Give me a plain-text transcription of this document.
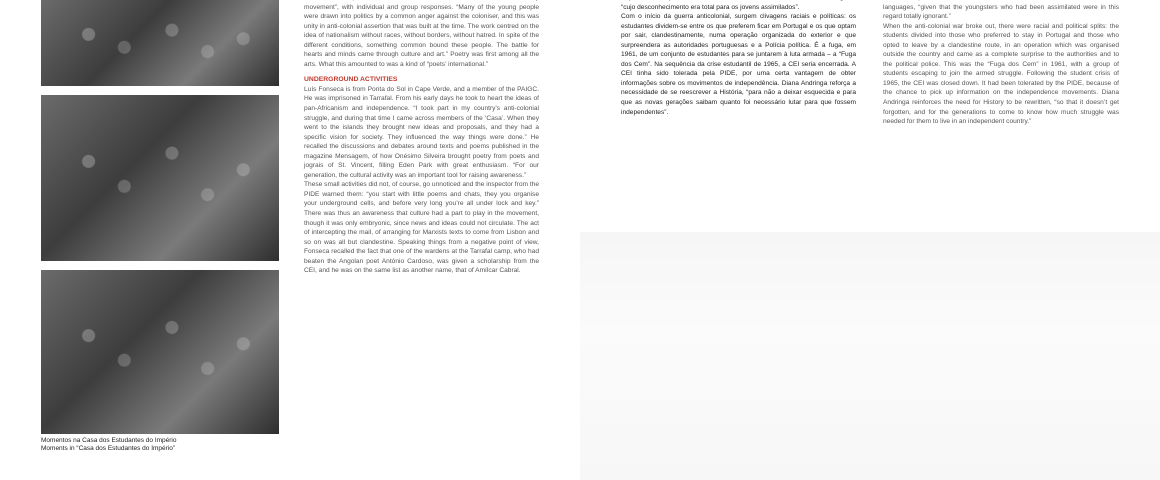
Momentos na Casa dos Estudantes do Império
Moments in “Casa dos Estudantes do Império”

movement”, with individual and group responses. “Many of the young people were drawn into politics by a common anger against the coloniser, and this was unity in anti-colonial assertion that was built at the time. The work centred on the idea of nationalism without races, without borders, without hatred. In spite of the different conditions, something common bound these people. The battle for hearts and minds came through culture and art.” Poetry was first among all the arts. What this amounted to was a kind of “poets’ international.”

UNDERGROUND ACTIVITIES

Luís Fonseca is from Ponta do Sol in Cape Verde, and a member of the PAIGC. He was imprisoned in Tarrafal. From his early days he took to heart the ideas of pan-Africanism and independence. “I took part in my country’s anti-colonial struggle, and during that time I came across members of the ‘Casa’. When they went to the islands they brought new ideas and proposals, and they had a specific vision for society. They influenced the way things were done.” He recalled the discussions and debates around texts and poems published in the magazine Mensagem, of how Onésimo Silveira brought poetry from poets and jograis of St. Vincent, filling Eden Park with great enthusiasm. “For our generation, the cultural activity was an important tool for raising awareness.”

These small activities did not, of course, go unnoticed and the inspector from the PIDE warned them: “you start with little poems and chats, they you organise your underground cells, and before very long you’re all under lock and key.” There was thus an awareness that culture had a part to play in the movement, though it was only embryonic, since news and ideas could not circulate. The act of intercepting the mail, of arranging for Marxists texts to come from Lisbon and so on was all but clandestine. Speaking things from a negative point of view, Fonseca recalled the fact that one of the wardens at the Tarrafal camp, who had beaten the Angolan poet António Cardoso, was given a scholarship from the CEI, and he was on the same list as another name, that of Amílcar Cabral.

“cujo desconhecimento era total para os jovens assimilados”.

Com o início da guerra anticolonial, surgem clivagens raciais e políticas: os estudantes dividem-se entre os que preferem ficar em Portugal e os que optam por sair, clandestinamente, numa operação organizada do exterior e que surpreendera as autoridades portuguesas e a Polícia política. É a fuga, em 1961, de um conjunto de estudantes para se juntarem à luta armada – a “Fuga dos Cem”. Na sequência da crise estudantil de 1965, a CEI seria encerrada. A CEI tinha sido tolerada pela PIDE, por uma certa vantagem de obter informações sobre os movimentos de independência. Diana Andringa reforça a necessidade de se reescrever a História, “para não a deixar esquecida e para que as novas gerações saibam quanto foi necessário lutar para que fossem independentes”.

languages, “given that the youngsters who had been assimilated were in this regard totally ignorant.”

When the anti-colonial war broke out, there were racial and political splits: the students divided into those who preferred to stay in Portugal and those who opted to leave by a clandestine route, in an operation which was organised outside the country and came as a complete surprise to the authorities and to the political police. This was the “Fuga dos Cem” in 1961, with a group of students escaping to join the armed struggle. Following the student crisis of 1965, the CEI was closed down. It had been tolerated by the PIDE, because of the chance to pick up information on the independence movements. Diana Andringa reinforces the need for History to be rewritten, “so that it doesn’t get forgotten, and for the generations to come to know how much struggle was needed for them to live in an independent country.”
